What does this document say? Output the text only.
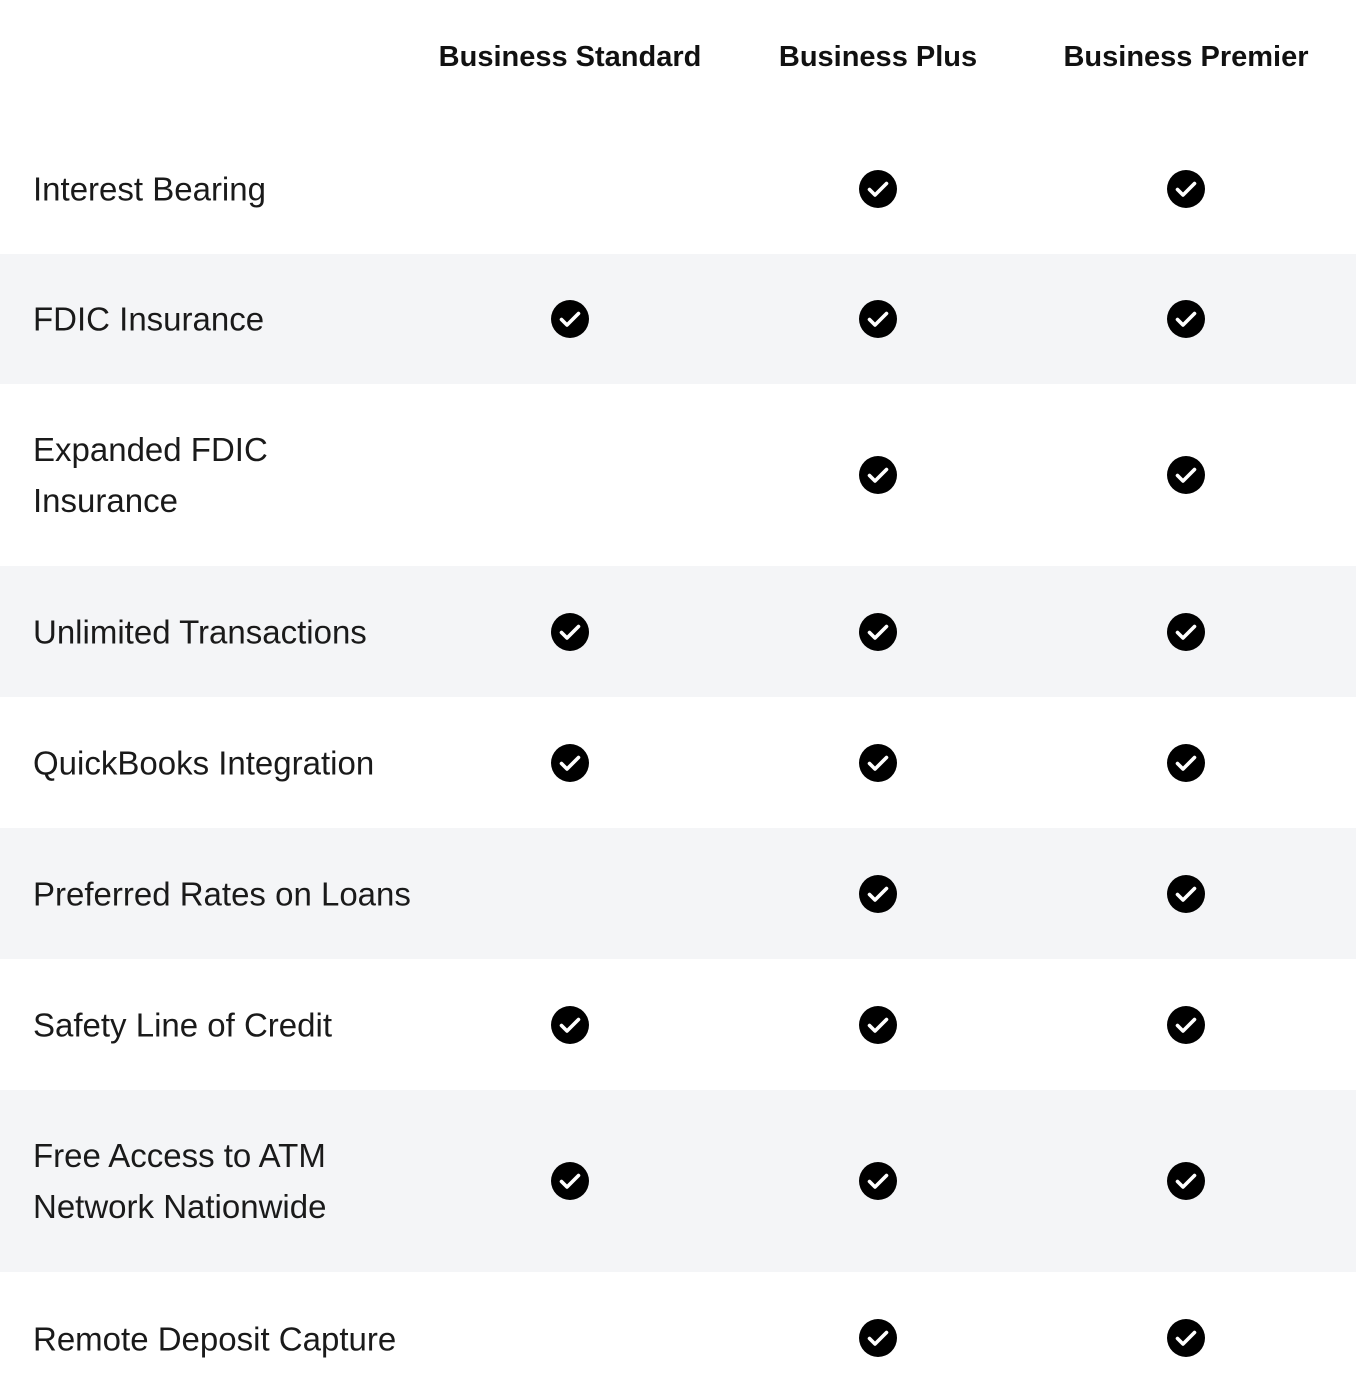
Business Standard	Business Plus	Business Premier
Interest Bearing
FDIC Insurance
Expanded FDIC Insurance
Unlimited Transactions
QuickBooks Integration
Preferred Rates on Loans
Safety Line of Credit
Free Access to ATM Network Nationwide
Remote Deposit Capture
